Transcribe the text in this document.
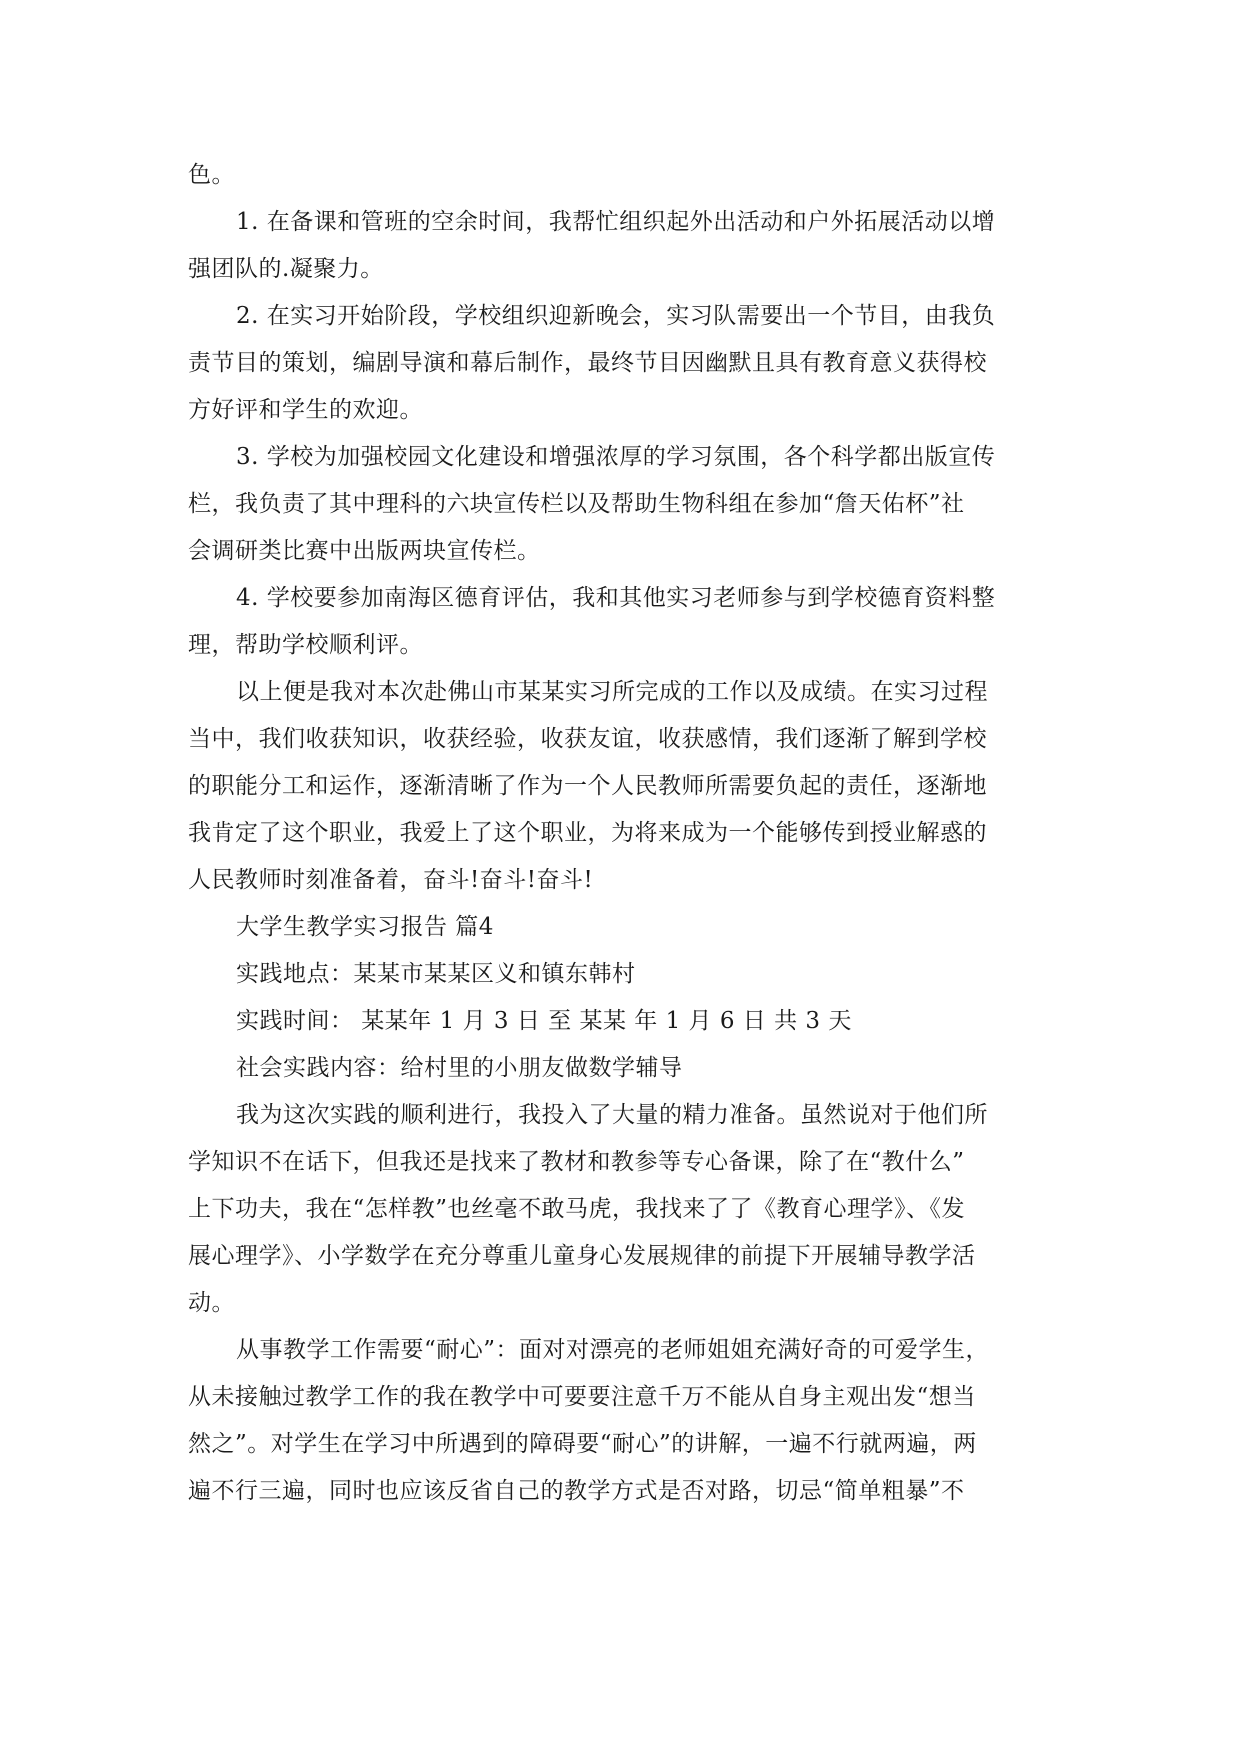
色。
1. 在备课和管班的空余时间，我帮忙组织起外出活动和户外拓展活动以增
强团队的.凝聚力。
2. 在实习开始阶段，学校组织迎新晚会，实习队需要出一个节目，由我负
责节目的策划，编剧导演和幕后制作，最终节目因幽默且具有教育意义获得校
方好评和学生的欢迎。
3. 学校为加强校园文化建设和增强浓厚的学习氛围，各个科学都出版宣传
栏，我负责了其中理科的六块宣传栏以及帮助生物科组在参加“詹天佑杯”社
会调研类比赛中出版两块宣传栏。
4. 学校要参加南海区德育评估，我和其他实习老师参与到学校德育资料整
理，帮助学校顺利评。
以上便是我对本次赴佛山市某某实习所完成的工作以及成绩。在实习过程
当中，我们收获知识，收获经验，收获友谊，收获感情，我们逐渐了解到学校
的职能分工和运作，逐渐清晰了作为一个人民教师所需要负起的责任，逐渐地
我肯定了这个职业，我爱上了这个职业，为将来成为一个能够传到授业解惑的
人民教师时刻准备着，奋斗!奋斗!奋斗!
大学生教学实习报告 篇4
实践地点：某某市某某区义和镇东韩村
实践时间： 某某年 1 月 3 日 至 某某 年 1 月 6 日 共 3 天
社会实践内容：给村里的小朋友做数学辅导
我为这次实践的顺利进行，我投入了大量的精力准备。虽然说对于他们所
学知识不在话下，但我还是找来了教材和教参等专心备课，除了在“教什么”
上下功夫，我在“怎样教”也丝毫不敢马虎，我找来了了《教育心理学》、《发
展心理学》、小学数学在充分尊重儿童身心发展规律的前提下开展辅导教学活
动。
从事教学工作需要“耐心”：面对对漂亮的老师姐姐充满好奇的可爱学生，
从未接触过教学工作的我在教学中可要要注意千万不能从自身主观出发“想当
然之”。对学生在学习中所遇到的障碍要“耐心”的讲解，一遍不行就两遍，两
遍不行三遍，同时也应该反省自己的教学方式是否对路，切忌“简单粗暴”不
